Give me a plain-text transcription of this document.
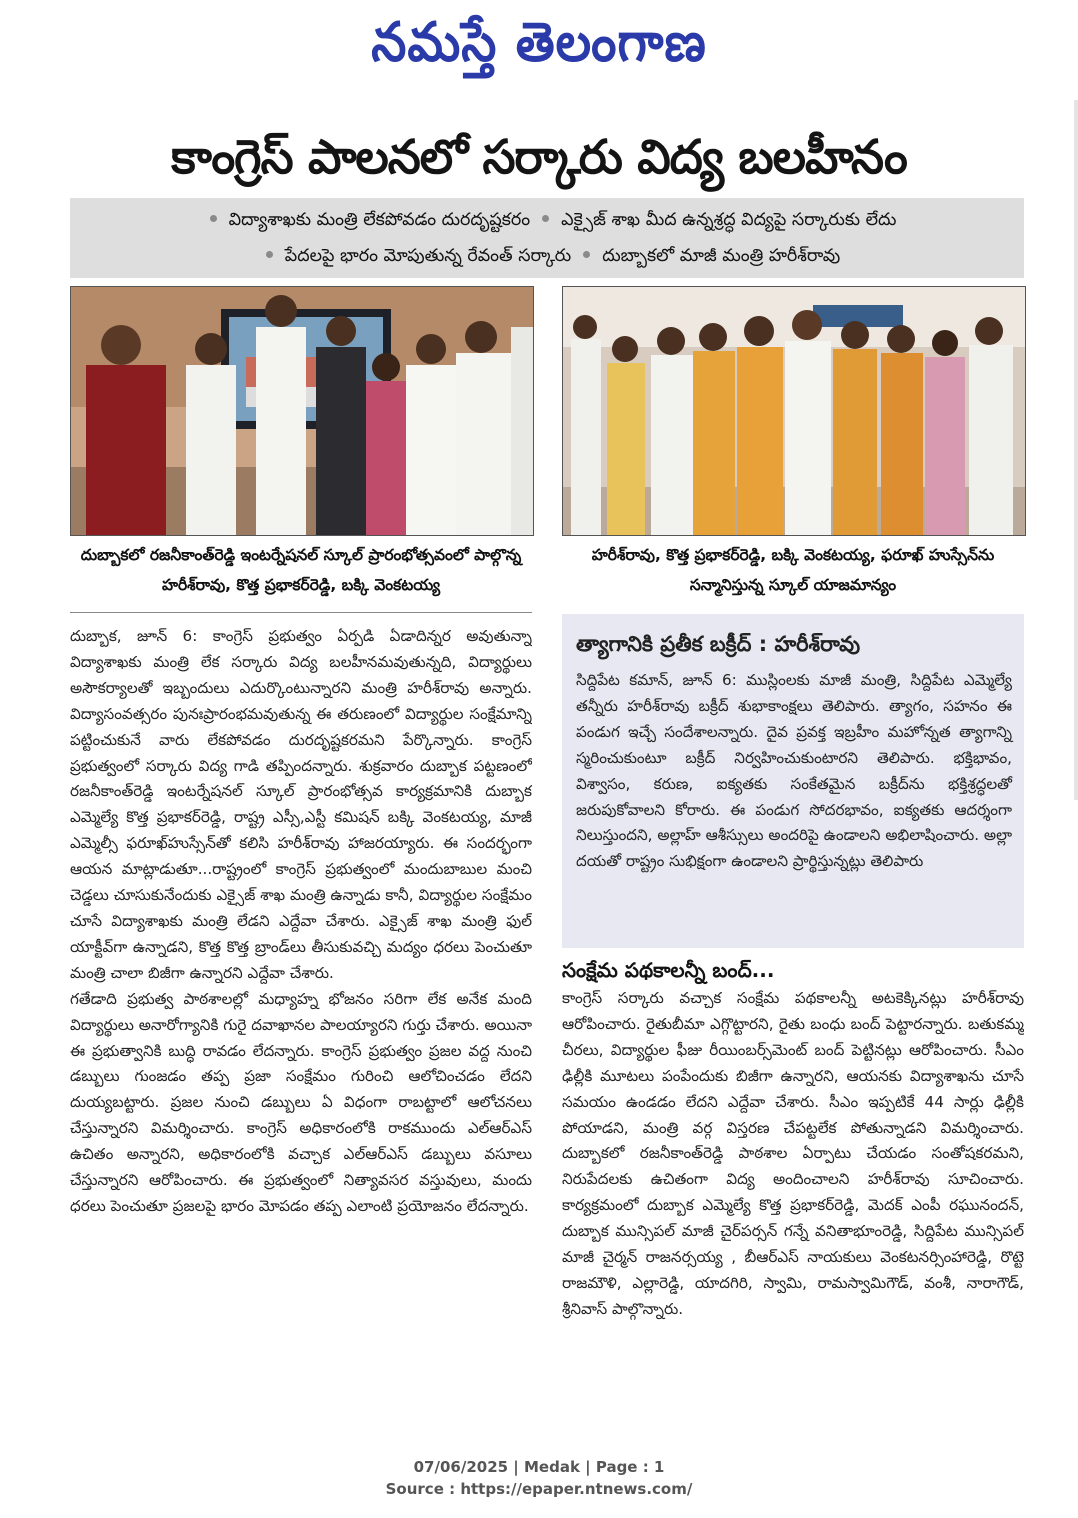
నమస్తే తెలంగాణ
కాంగ్రెస్ పాలనలో సర్కారు విద్య బలహీనం
విద్యాశాఖకు మంత్రి లేకపోవడం దురదృష్టకరం ఎక్సైజ్ శాఖ మీద ఉన్నశ్రద్ధ విద్యపై సర్కారుకు లేదు
పేదలపై భారం మోపుతున్న రేవంత్ సర్కారు దుబ్బాకలో మాజీ మంత్రి హరీశ్‌రావు
దుబ్బాకలో రజనీకాంత్‌రెడ్డి ఇంటర్నేషనల్ స్కూల్ ప్రారంభోత్సవంలో పాల్గొన్న హరీశ్‌రావు, కొత్త ప్రభాకర్‌రెడ్డి, బక్కి వెంకటయ్య
హరీశ్‌రావు, కొత్త ప్రభాకర్‌రెడ్డి, బక్కి వెంకటయ్య, ఫరూఖ్ హుస్సేన్‌ను సన్మానిస్తున్న స్కూల్ యాజమాన్యం

దుబ్బాక, జూన్ 6: కాంగ్రెస్ ప్రభుత్వం ఏర్పడి ఏడాదిన్నర అవుతున్నా విద్యాశాఖకు మంత్రి లేక సర్కారు విద్య బలహీనమవుతున్నది, విద్యార్థులు అసౌకర్యాలతో ఇబ్బందులు ఎదుర్కొంటున్నారని మంత్రి హరీశ్‌రావు అన్నారు. విద్యాసంవత్సరం పునఃప్రారంభమవుతున్న ఈ తరుణంలో విద్యార్థుల సంక్షేమాన్ని పట్టించుకునే వారు లేకపోవడం దురదృష్టకరమని పేర్కొన్నారు. కాంగ్రెస్ ప్రభుత్వంలో సర్కారు విద్య గాడి తప్పిందన్నారు. శుక్రవారం దుబ్బాక పట్టణంలో రజనీకాంత్‌రెడ్డి ఇంటర్నేషనల్ స్కూల్ ప్రారంభోత్సవ కార్యక్రమానికి దుబ్బాక ఎమ్మెల్యే కొత్త ప్రభాకర్‌రెడ్డి, రాష్ట్ర ఎస్సీ,ఎస్టీ కమిషన్ బక్కి వెంకటయ్య, మాజీ ఎమ్మెల్సీ ఫరూఖ్‌హుస్సేన్‌తో కలిసి హరీశ్‌రావు హాజరయ్యారు. ఈ సందర్భంగా ఆయన మాట్లాడుతూ...రాష్ట్రంలో కాంగ్రెస్ ప్రభుత్వంలో మందుబాబుల మంచి చెడ్డలు చూసుకునేందుకు ఎక్సైజ్ శాఖ మంత్రి ఉన్నాడు కానీ, విద్యార్థుల సంక్షేమం చూసే విద్యాశాఖకు మంత్రి లేడని ఎద్దేవా చేశారు. ఎక్సైజ్ శాఖ మంత్రి ఫుల్ యాక్టీవ్‌గా ఉన్నాడని, కొత్త కొత్త బ్రాండ్‌లు తీసుకువచ్చి మద్యం ధరలు పెంచుతూ మంత్రి చాలా బిజీగా ఉన్నారని ఎద్దేవా చేశారు.

గతేడాది ప్రభుత్వ పాఠశాలల్లో మధ్యాహ్న భోజనం సరిగా లేక అనేక మంది విద్యార్థులు అనారోగ్యానికి గురై దవాఖానల పాలయ్యారని గుర్తు చేశారు. అయినా ఈ ప్రభుత్వానికి బుద్ధి రావడం లేదన్నారు. కాంగ్రెస్ ప్రభుత్వం ప్రజల వద్ద నుంచి డబ్బులు గుంజడం తప్ప ప్రజా సంక్షేమం గురించి ఆలోచించడం లేదని దుయ్యబట్టారు. ప్రజల నుంచి డబ్బులు ఏ విధంగా రాబట్టాలో ఆలోచనలు చేస్తున్నారని విమర్శించారు. కాంగ్రెస్ అధికారంలోకి రాకముందు ఎల్‌ఆర్‌ఎస్ ఉచితం అన్నారని, అధికారంలోకి వచ్చాక ఎల్‌ఆర్‌ఎస్ డబ్బులు వసూలు చేస్తున్నారని ఆరోపించారు. ఈ ప్రభుత్వంలో నిత్యావసర వస్తువులు, మందు ధరలు పెంచుతూ ప్రజలపై భారం మోపడం తప్ప ఎలాంటి ప్రయోజనం లేదన్నారు.

త్యాగానికి ప్రతీక బక్రీద్ : హరీశ్‌రావు

సిద్దిపేట కమాన్, జూన్ 6: ముస్లింలకు మాజీ మంత్రి, సిద్దిపేట ఎమ్మెల్యే తన్నీరు హరీశ్‌రావు బక్రీద్ శుభాకాంక్షలు తెలిపారు. త్యాగం, సహనం ఈ పండుగ ఇచ్చే సందేశాలన్నారు. దైవ ప్రవక్త ఇబ్రహీం మహోన్నత త్యాగాన్ని స్మరించుకుంటూ బక్రీద్ నిర్వహించుకుంటారని తెలిపారు. భక్తిభావం, విశ్వాసం, కరుణ, ఐక్యతకు సంకేతమైన బక్రీద్‌ను భక్తిశ్రద్ధలతో జరుపుకోవాలని కోరారు. ఈ పండుగ సోదరభావం, ఐక్యతకు ఆదర్శంగా నిలుస్తుందని, అల్లాహ్ ఆశీస్సులు అందరిపై ఉండాలని అభిలాషించారు. అల్లా దయతో రాష్ట్రం సుభిక్షంగా ఉండాలని ప్రార్థిస్తున్నట్లు తెలిపారు

సంక్షేమ పథకాలన్నీ బంద్...

కాంగ్రెస్ సర్కారు వచ్చాక సంక్షేమ పథకాలన్నీ అటకెక్కినట్లు హరీశ్‌రావు ఆరోపించారు. రైతుబీమా ఎగ్గొట్టారని, రైతు బంధు బంద్ పెట్టారన్నారు. బతుకమ్మ చీరలు, విద్యార్థుల ఫీజు రీయింబర్స్‌మెంట్ బంద్ పెట్టినట్లు ఆరోపించారు. సీఎం ఢిల్లీకి మూటలు పంపేందుకు బిజీగా ఉన్నారని, ఆయనకు విద్యాశాఖను చూసే సమయం ఉండడం లేదని ఎద్దేవా చేశారు. సీఎం ఇప్పటికే 44 సార్లు ఢిల్లీకి పోయాడని, మంత్రి వర్గ విస్తరణ చేపట్టలేక పోతున్నాడని విమర్శించారు. దుబ్బాకలో రజనీకాంత్‌రెడ్డి పాఠశాల ఏర్పాటు చేయడం సంతోషకరమని, నిరుపేదలకు ఉచితంగా విద్య అందించాలని హరీశ్‌రావు సూచించారు. కార్యక్రమంలో దుబ్బాక ఎమ్మెల్యే కొత్త ప్రభాకర్‌రెడ్డి, మెదక్ ఎంపీ రఘునందన్, దుబ్బాక మున్సిపల్ మాజీ చైర్‌పర్సన్ గన్నే వనితాభూంరెడ్డి, సిద్దిపేట మున్సిపల్ మాజీ చైర్మన్ రాజనర్సయ్య , బీఆర్‌ఎస్ నాయకులు వెంకటనర్సింహారెడ్డి, రొట్టె రాజమౌళి, ఎల్లారెడ్డి, యాదగిరి, స్వామి, రామస్వామిగౌడ్, వంశీ, నారాగౌడ్, శ్రీనివాస్ పాల్గొన్నారు.

07/06/2025 | Medak | Page : 1
Source : https://epaper.ntnews.com/
